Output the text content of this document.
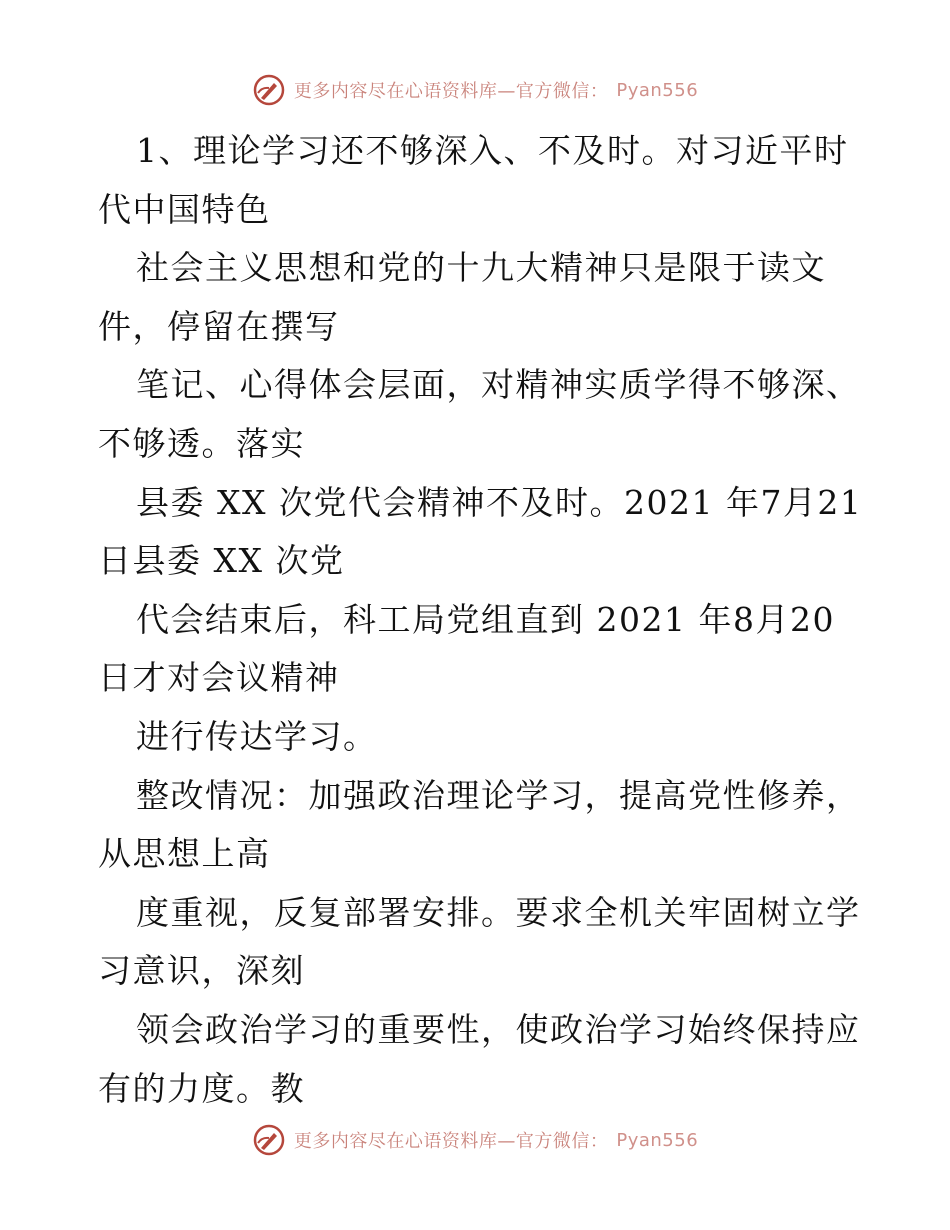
更多内容尽在心语资料库—官方微信： Pyan556
1、理论学习还不够深入、不及时。对习近平时
代中国特色
社会主义思想和党的十九大精神只是限于读文
件，停留在撰写
笔记、心得体会层面，对精神实质学得不够深、
不够透。落实
县委 XX 次党代会精神不及时。2021 年7月21
日县委 XX 次党
代会结束后，科工局党组直到 2021 年8月20
日才对会议精神
进行传达学习。
整改情况：加强政治理论学习，提高党性修养，
从思想上高
度重视，反复部署安排。要求全机关牢固树立学
习意识，深刻
领会政治学习的重要性，使政治学习始终保持应
有的力度。教
更多内容尽在心语资料库—官方微信： Pyan556
